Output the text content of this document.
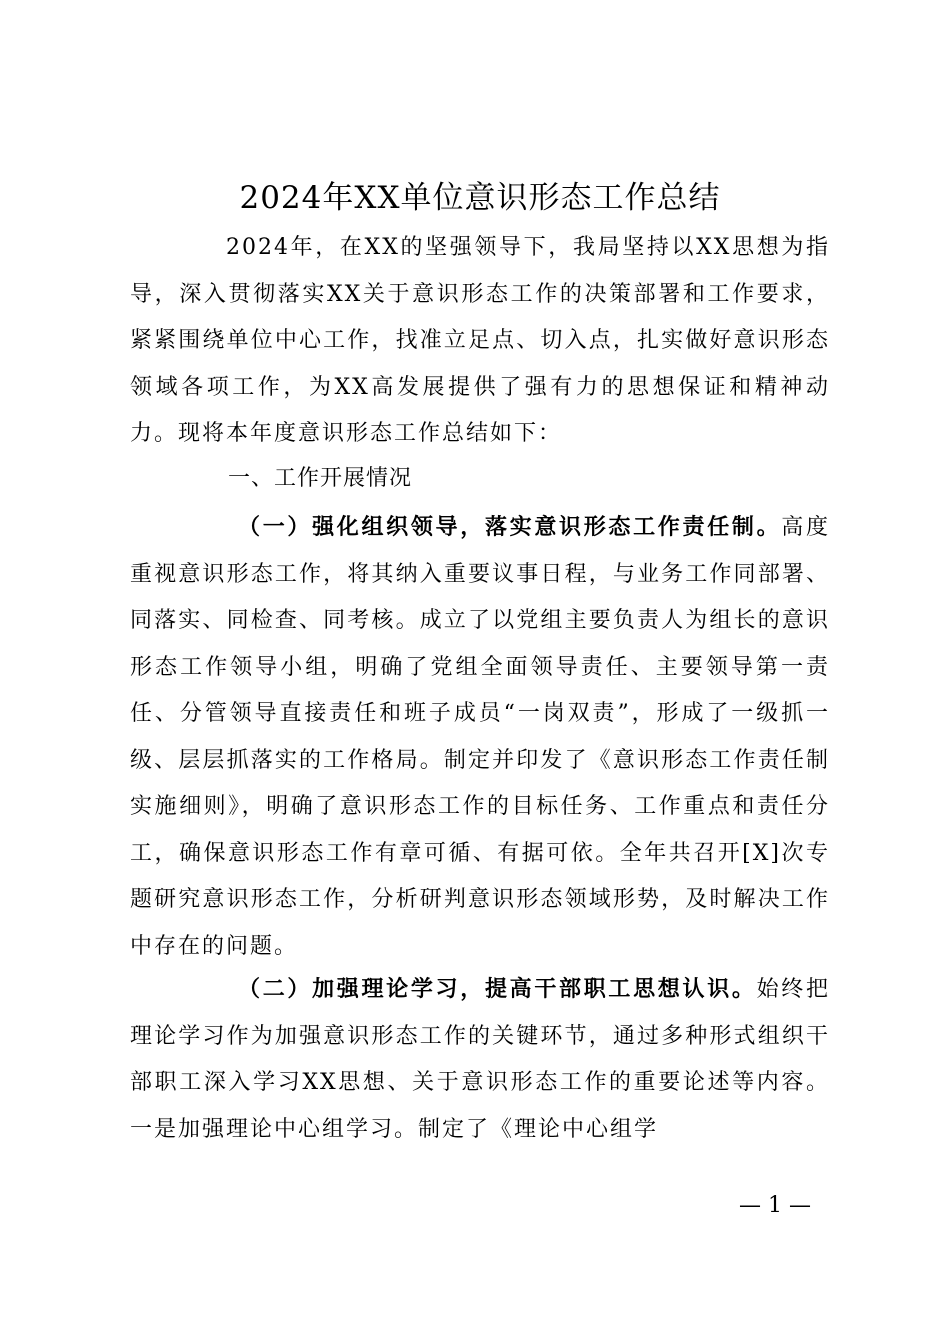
2024年XX单位意识形态工作总结

2024年，在XX的坚强领导下，我局坚持以XX思想为指导，深入贯彻落实XX关于意识形态工作的决策部署和工作要求，紧紧围绕单位中心工作，找准立足点、切入点，扎实做好意识形态领域各项工作，为XX高发展提供了强有力的思想保证和精神动力。现将本年度意识形态工作总结如下：

一、工作开展情况

（一）强化组织领导，落实意识形态工作责任制。高度重视意识形态工作，将其纳入重要议事日程，与业务工作同部署、同落实、同检查、同考核。成立了以党组主要负责人为组长的意识形态工作领导小组，明确了党组全面领导责任、主要领导第一责任、分管领导直接责任和班子成员“一岗双责”，形成了一级抓一级、层层抓落实的工作格局。制定并印发了《意识形态工作责任制实施细则》，明确了意识形态工作的目标任务、工作重点和责任分工，确保意识形态工作有章可循、有据可依。全年共召开[X]次专题研究意识形态工作，分析研判意识形态领域形势，及时解决工作中存在的问题。

（二）加强理论学习，提高干部职工思想认识。始终把理论学习作为加强意识形态工作的关键环节，通过多种形式组织干部职工深入学习XX思想、关于意识形态工作的重要论述等内容。一是加强理论中心组学习。制定了《理论中心组学

— 1 —
